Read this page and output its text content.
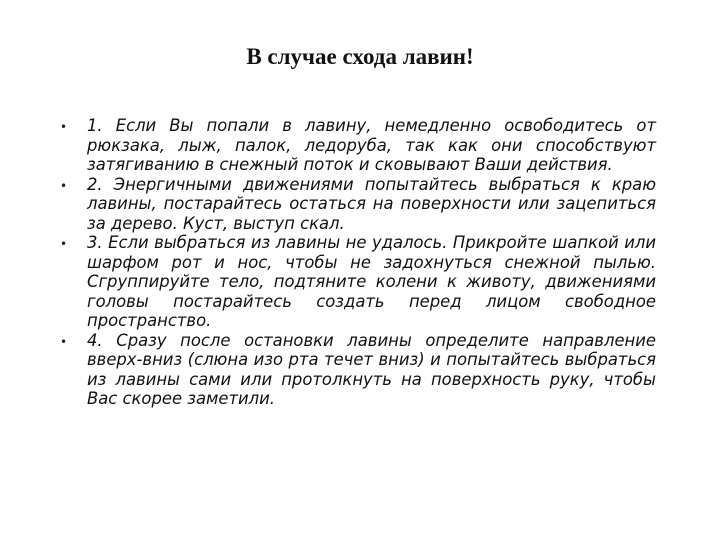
В случае схода лавин!
• 1. Если Вы попали в лавину, немедленно освободитесь от рюкзака, лыж, палок, ледоруба, так как они способствуют затягиванию в снежный поток и сковывают Ваши действия.
• 2. Энергичными движениями попытайтесь выбраться к краю лавины, постарайтесь остаться на поверхности или зацепиться за дерево. Куст, выступ скал.
• 3. Если выбраться из лавины не удалось. Прикройте шапкой или шарфом рот и нос, чтобы не задохнуться снежной пылью. Сгруппируйте тело, подтяните колени к животу, движениями головы постарайтесь создать перед лицом свободное пространство.
• 4. Сразу после остановки лавины определите направление вверх-вниз (слюна изо рта течет вниз) и попытайтесь выбраться из лавины сами или протолкнуть на поверхность руку, чтобы Вас скорее заметили.
